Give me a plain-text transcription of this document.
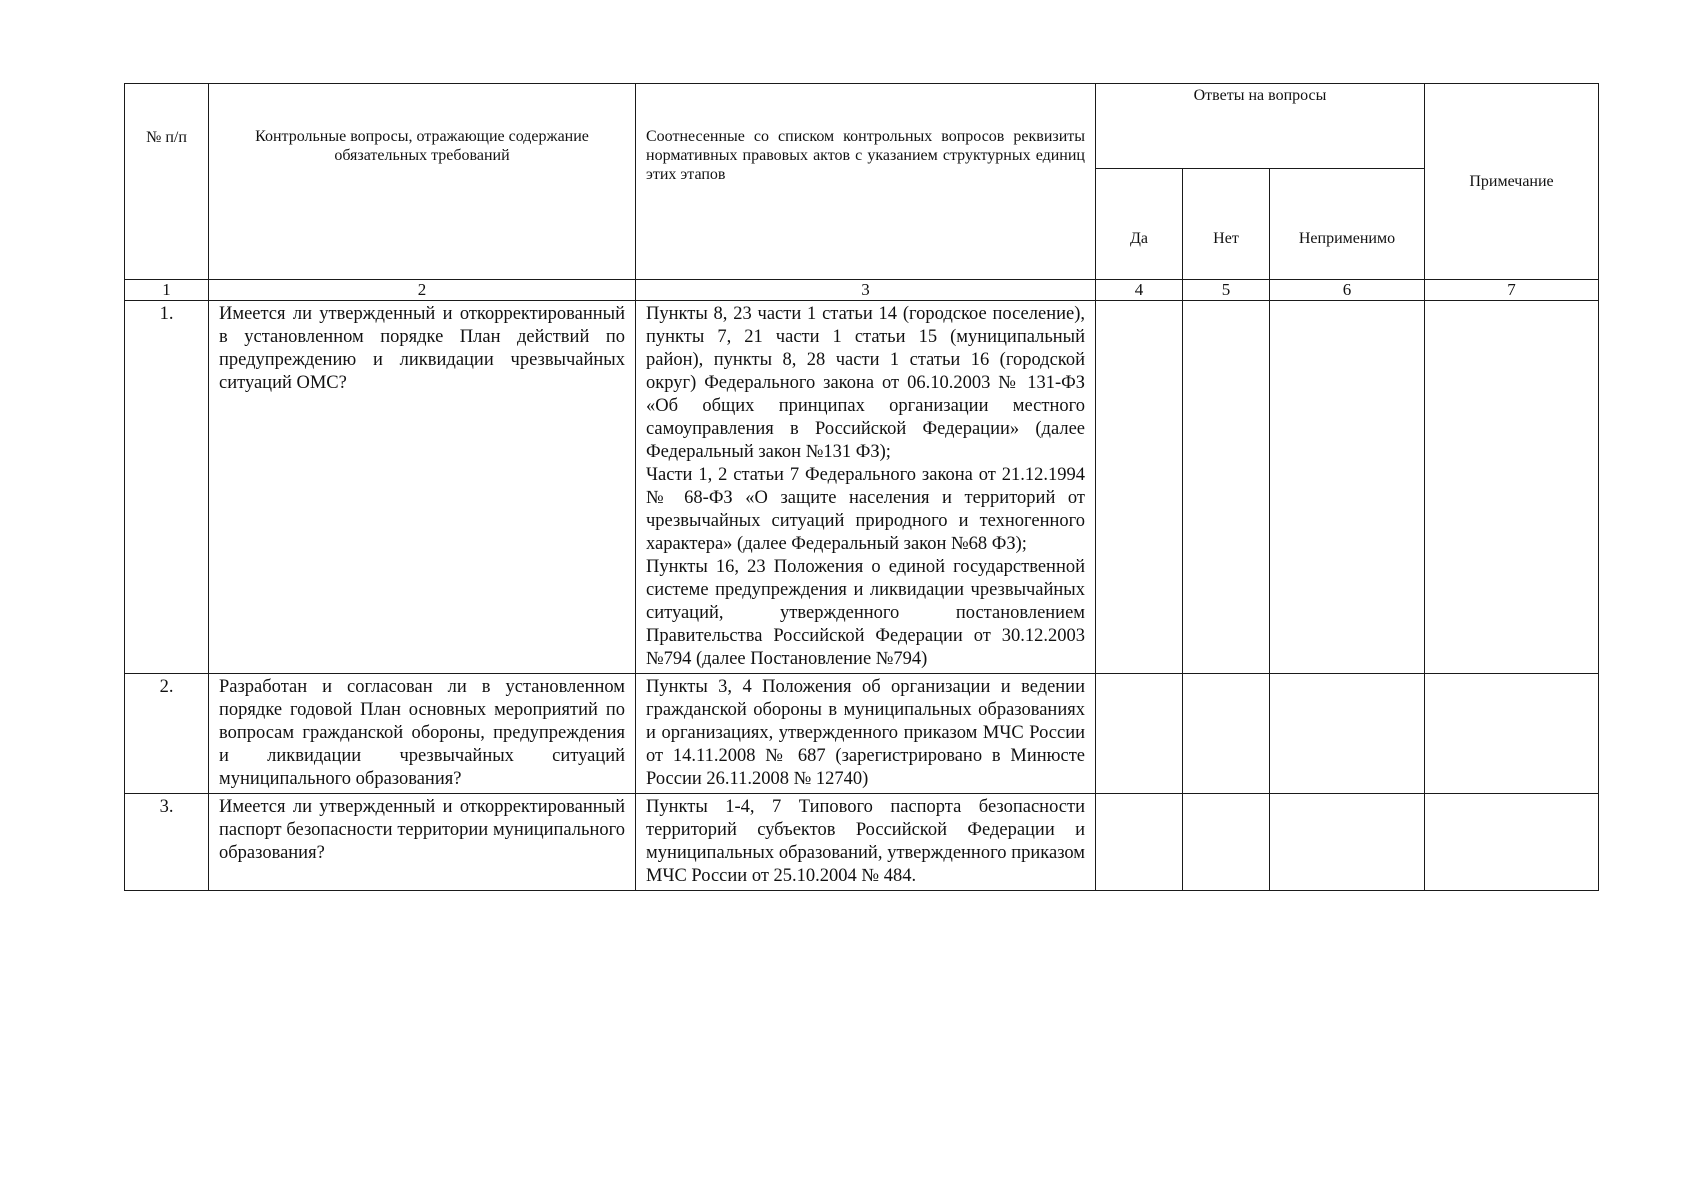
№ п/п	Контрольные вопросы, отражающие содержание обязательных требований	Соотнесенные со списком контрольных вопросов реквизиты нормативных правовых актов с указанием структурных единиц этих этапов	Ответы на вопросы			Примечание
			Да	Нет	Неприменимо	
1	2	3	4	5	6	7
1.	Имеется ли утвержденный и откорректированный в установленном порядке План действий по предупреждению и ликвидации чрезвычайных ситуаций ОМС?	Пункты 8, 23 части 1 статьи 14 (городское поселение), пункты 7, 21 части 1 статьи 15 (муниципальный район), пункты 8, 28 части 1 статьи 16 (городской округ) Федерального закона от 06.10.2003 № 131-ФЗ «Об общих принципах организации местного самоуправления в Российской Федерации» (далее Федеральный закон №131 ФЗ);
Части 1, 2 статьи 7 Федерального закона от 21.12.1994 № 68-ФЗ «О защите населения и территорий от чрезвычайных ситуаций природного и техногенного характера» (далее Федеральный закон №68 ФЗ);
Пункты 16, 23 Положения о единой государственной системе предупреждения и ликвидации чрезвычайных ситуаций, утвержденного постановлением Правительства Российской Федерации от 30.12.2003 №794 (далее Постановление №794)				
2.	Разработан и согласован ли в установленном порядке годовой План основных мероприятий по вопросам гражданской обороны, предупреждения и ликвидации чрезвычайных ситуаций муниципального образования?	Пункты 3, 4 Положения об организации и ведении гражданской обороны в муниципальных образованиях и организациях, утвержденного приказом МЧС России от 14.11.2008 № 687 (зарегистрировано в Минюсте России 26.11.2008 № 12740)				
3.	Имеется ли утвержденный и откорректированный паспорт безопасности территории муниципального образования?	Пункты 1-4, 7 Типового паспорта безопасности территорий субъектов Российской Федерации и муниципальных образований, утвержденного приказом МЧС России от 25.10.2004 № 484.				
